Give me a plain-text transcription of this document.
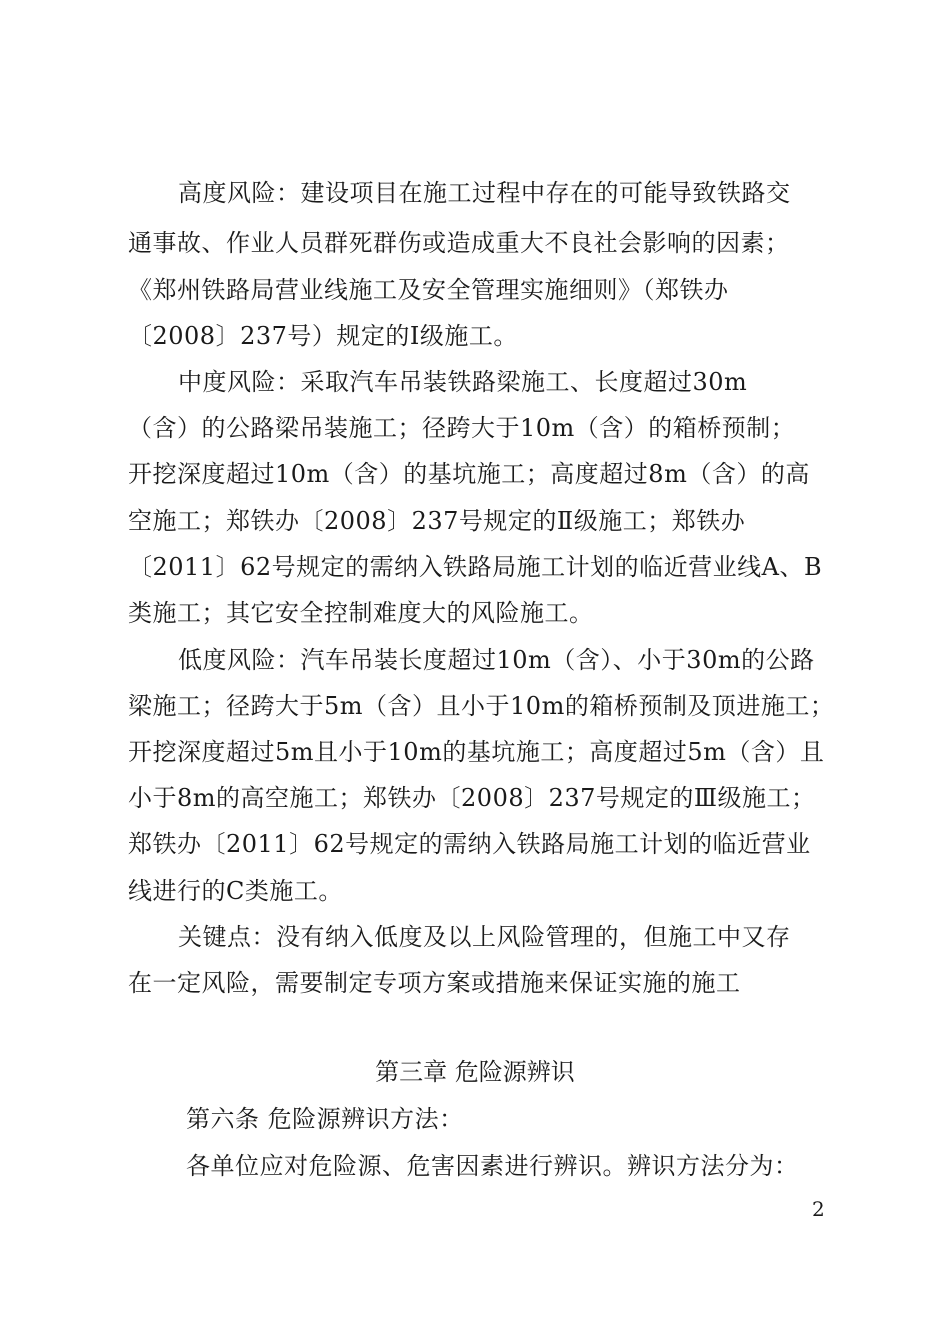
高度风险：建设项目在施工过程中存在的可能导致铁路交
通事故、作业人员群死群伤或造成重大不良社会影响的因素；
《郑州铁路局营业线施工及安全管理实施细则》（郑铁办
〔2008〕237号）规定的Ⅰ级施工。
中度风险：采取汽车吊装铁路梁施工、长度超过30m
（含）的公路梁吊装施工；径跨大于10m（含）的箱桥预制；
开挖深度超过10m（含）的基坑施工；高度超过8m（含）的高
空施工；郑铁办〔2008〕237号规定的Ⅱ级施工；郑铁办
〔2011〕62号规定的需纳入铁路局施工计划的临近营业线A、B
类施工；其它安全控制难度大的风险施工。
低度风险：汽车吊装长度超过10m（含）、小于30m的公路
梁施工；径跨大于5m（含）且小于10m的箱桥预制及顶进施工；
开挖深度超过5m且小于10m的基坑施工；高度超过5m（含）且
小于8m的高空施工；郑铁办〔2008〕237号规定的Ⅲ级施工；
郑铁办〔2011〕62号规定的需纳入铁路局施工计划的临近营业
线进行的C类施工。
关键点：没有纳入低度及以上风险管理的，但施工中又存
在一定风险，需要制定专项方案或措施来保证实施的施工
第三章 危险源辨识
第六条 危险源辨识方法：
各单位应对危险源、危害因素进行辨识。辨识方法分为：
2
